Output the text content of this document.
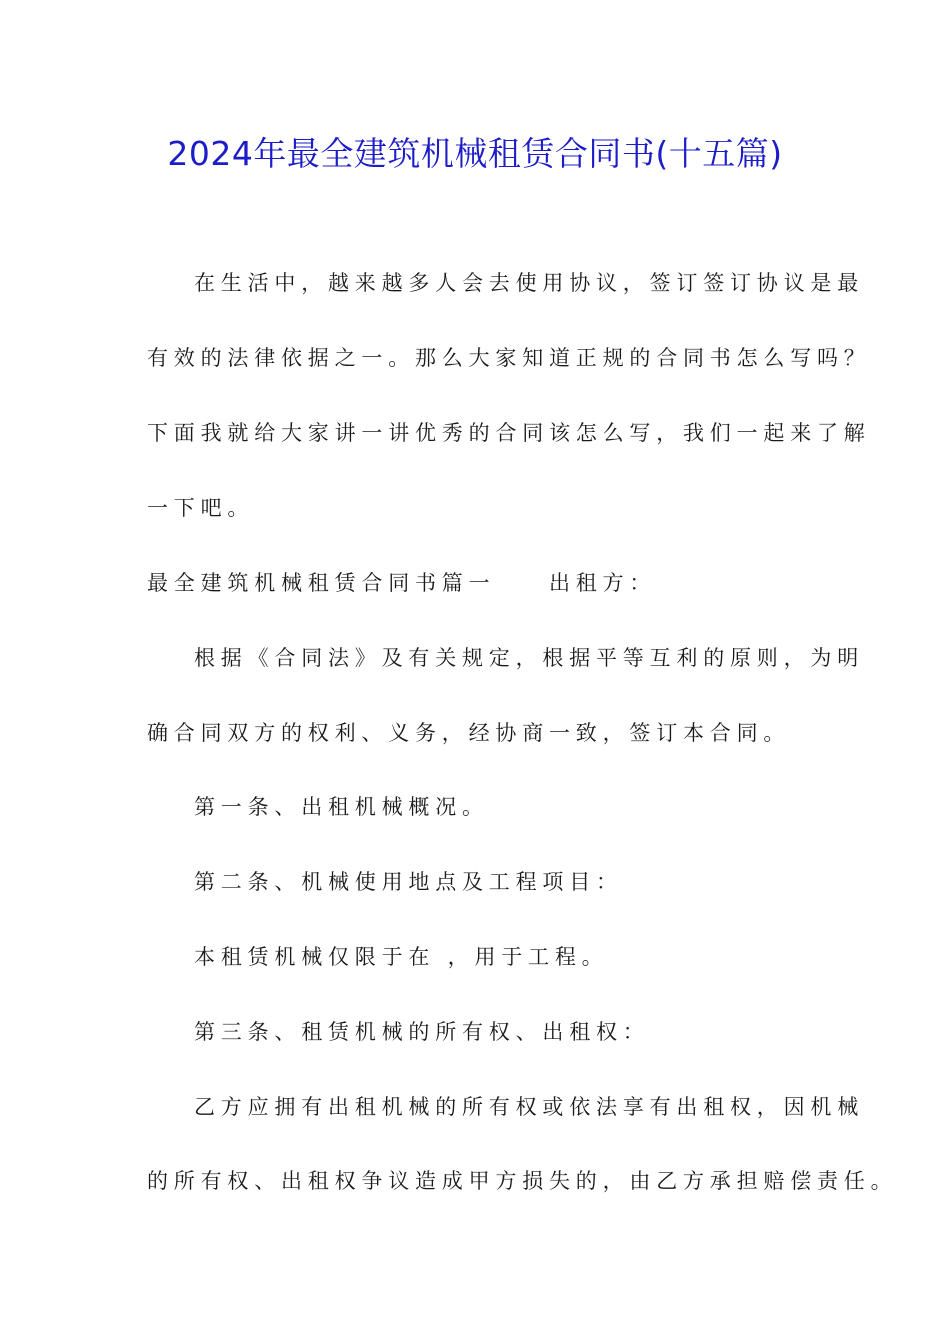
2024年最全建筑机械租赁合同书(十五篇)
在生活中，越来越多人会去使用协议，签订签订协议是最
有效的法律依据之一。那么大家知道正规的合同书怎么写吗？
下面我就给大家讲一讲优秀的合同该怎么写，我们一起来了解
一下吧。
最全建筑机械租赁合同书篇一　　出租方：
根据《合同法》及有关规定，根据平等互利的原则，为明
确合同双方的权利、义务，经协商一致，签订本合同。
第一条、出租机械概况。
第二条、机械使用地点及工程项目：
本租赁机械仅限于在 ，用于工程。
第三条、租赁机械的所有权、出租权：
乙方应拥有出租机械的所有权或依法享有出租权，因机械
的所有权、出租权争议造成甲方损失的，由乙方承担赔偿责任。
